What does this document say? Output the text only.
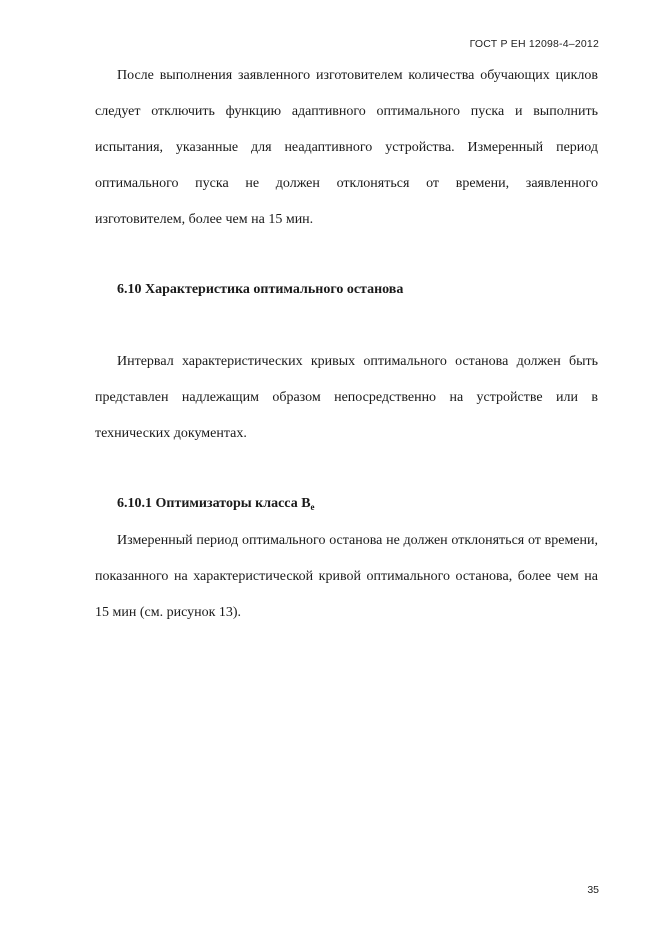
ГОСТ Р ЕН 12098-4–2012

После выполнения заявленного изготовителем количества обучающих циклов следует отключить функцию адаптивного оптимального пуска и выполнить испытания, указанные для неадаптивного устройства. Измеренный период оптимального пуска не должен отклоняться от времени, заявленного изготовителем, более чем на 15 мин.

6.10 Характеристика оптимального останова

Интервал характеристических кривых оптимального останова должен быть представлен надлежащим образом непосредственно на устройстве или в технических документах.

6.10.1 Оптимизаторы класса $B_e$

Измеренный период оптимального останова не должен отклоняться от времени, показанного на характеристической кривой оптимального останова, более чем на 15 мин (см. рисунок 13).

35
